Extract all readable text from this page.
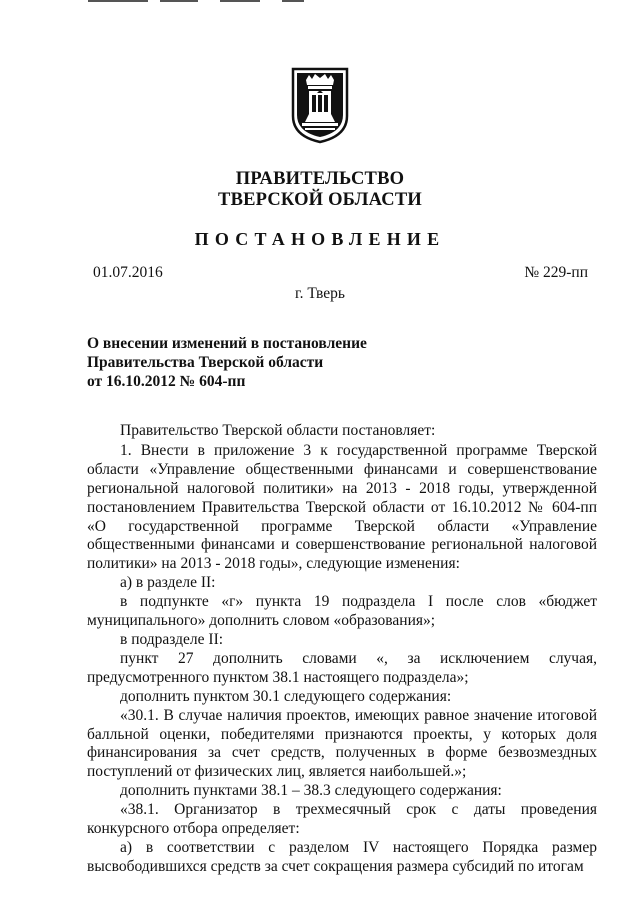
ПРАВИТЕЛЬСТВО
ТВЕРСКОЙ ОБЛАСТИ
ПОСТАНОВЛЕНИЕ
01.07.2016	№ 229-пп
г. Тверь
О внесении изменений в постановление
Правительства Тверской области
от 16.10.2012 № 604-пп

Правительство Тверской области постановляет:

1. Внести в приложение 3 к государственной программе Тверской области «Управление общественными финансами и совершенствование региональной налоговой политики» на 2013 - 2018 годы, утвержденной постановлением Правительства Тверской области от 16.10.2012 № 604-пп «О государственной программе Тверской области «Управление общественными финансами и совершенствование региональной налоговой политики» на 2013 - 2018 годы», следующие изменения:

а) в разделе II:

в подпункте «г» пункта 19 подраздела I после слов «бюджет муниципального» дополнить словом «образования»;

в подразделе II:

пункт 27 дополнить словами «, за исключением случая, предусмотренного пунктом 38.1 настоящего подраздела»;

дополнить пунктом 30.1 следующего содержания:

«30.1. В случае наличия проектов, имеющих равное значение итоговой балльной оценки, победителями признаются проекты, у которых доля финансирования за счет средств, полученных в форме безвозмездных поступлений от физических лиц, является наибольшей.»;

дополнить пунктами 38.1 – 38.3 следующего содержания:

«38.1. Организатор в трехмесячный срок с даты проведения конкурсного отбора определяет:

а) в соответствии с разделом IV настоящего Порядка размер высвободившихся средств за счет сокращения размера субсидий по итогам
